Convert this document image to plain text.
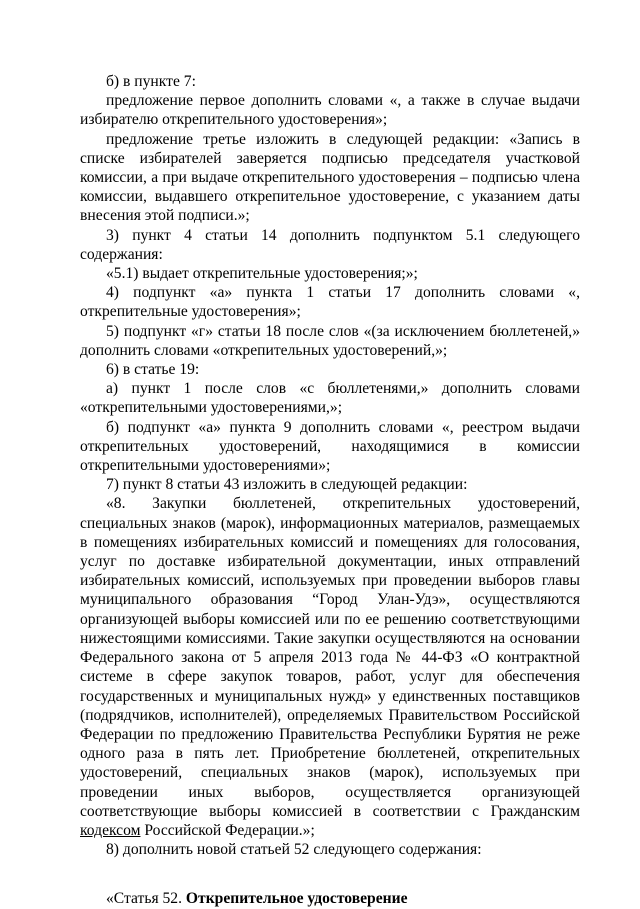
б) в пункте 7:

предложение первое дополнить словами «, а также в случае выдачи избирателю открепительного удостоверения»;

предложение третье изложить в следующей редакции: «Запись в списке избирателей заверяется подписью председателя участковой комиссии, а при выдаче открепительного удостоверения – подписью члена комиссии, выдавшего открепительное удостоверение, с указанием даты внесения этой подписи.»;

3) пункт 4 статьи 14 дополнить подпунктом 5.1 следующего содержания:

«5.1) выдает открепительные удостоверения;»;

4) подпункт «а» пункта 1 статьи 17 дополнить словами «, открепительные удостоверения»;

5) подпункт «г» статьи 18 после слов «(за исключением бюллетеней,» дополнить словами «открепительных удостоверений,»;

6) в статье 19:

а) пункт 1 после слов «с бюллетенями,» дополнить словами «открепительными удостоверениями,»;

б) подпункт «а» пункта 9 дополнить словами «, реестром выдачи открепительных удостоверений, находящимися в комиссии открепительными удостоверениями»;

7) пункт 8 статьи 43 изложить в следующей редакции:

«8. Закупки бюллетеней, открепительных удостоверений, специальных знаков (марок), информационных материалов, размещаемых в помещениях избирательных комиссий и помещениях для голосования, услуг по доставке избирательной документации, иных отправлений избирательных комиссий, используемых при проведении выборов главы муниципального образования “Город Улан-Удэ», осуществляются организующей выборы комиссией или по ее решению соответствующими нижестоящими комиссиями. Такие закупки осуществляются на основании Федерального закона от 5 апреля 2013 года № 44-ФЗ «О контрактной системе в сфере закупок товаров, работ, услуг для обеспечения государственных и муниципальных нужд» у единственных поставщиков (подрядчиков, исполнителей), определяемых Правительством Российской Федерации по предложению Правительства Республики Бурятия не реже одного раза в пять лет. Приобретение бюллетеней, открепительных удостоверений, специальных знаков (марок), используемых при проведении иных выборов, осуществляется организующей соответствующие выборы комиссией в соответствии с Гражданским кодексом Российской Федерации.»;

8) дополнить новой статьей 52 следующего содержания:

«Статья 52. Открепительное удостоверение
